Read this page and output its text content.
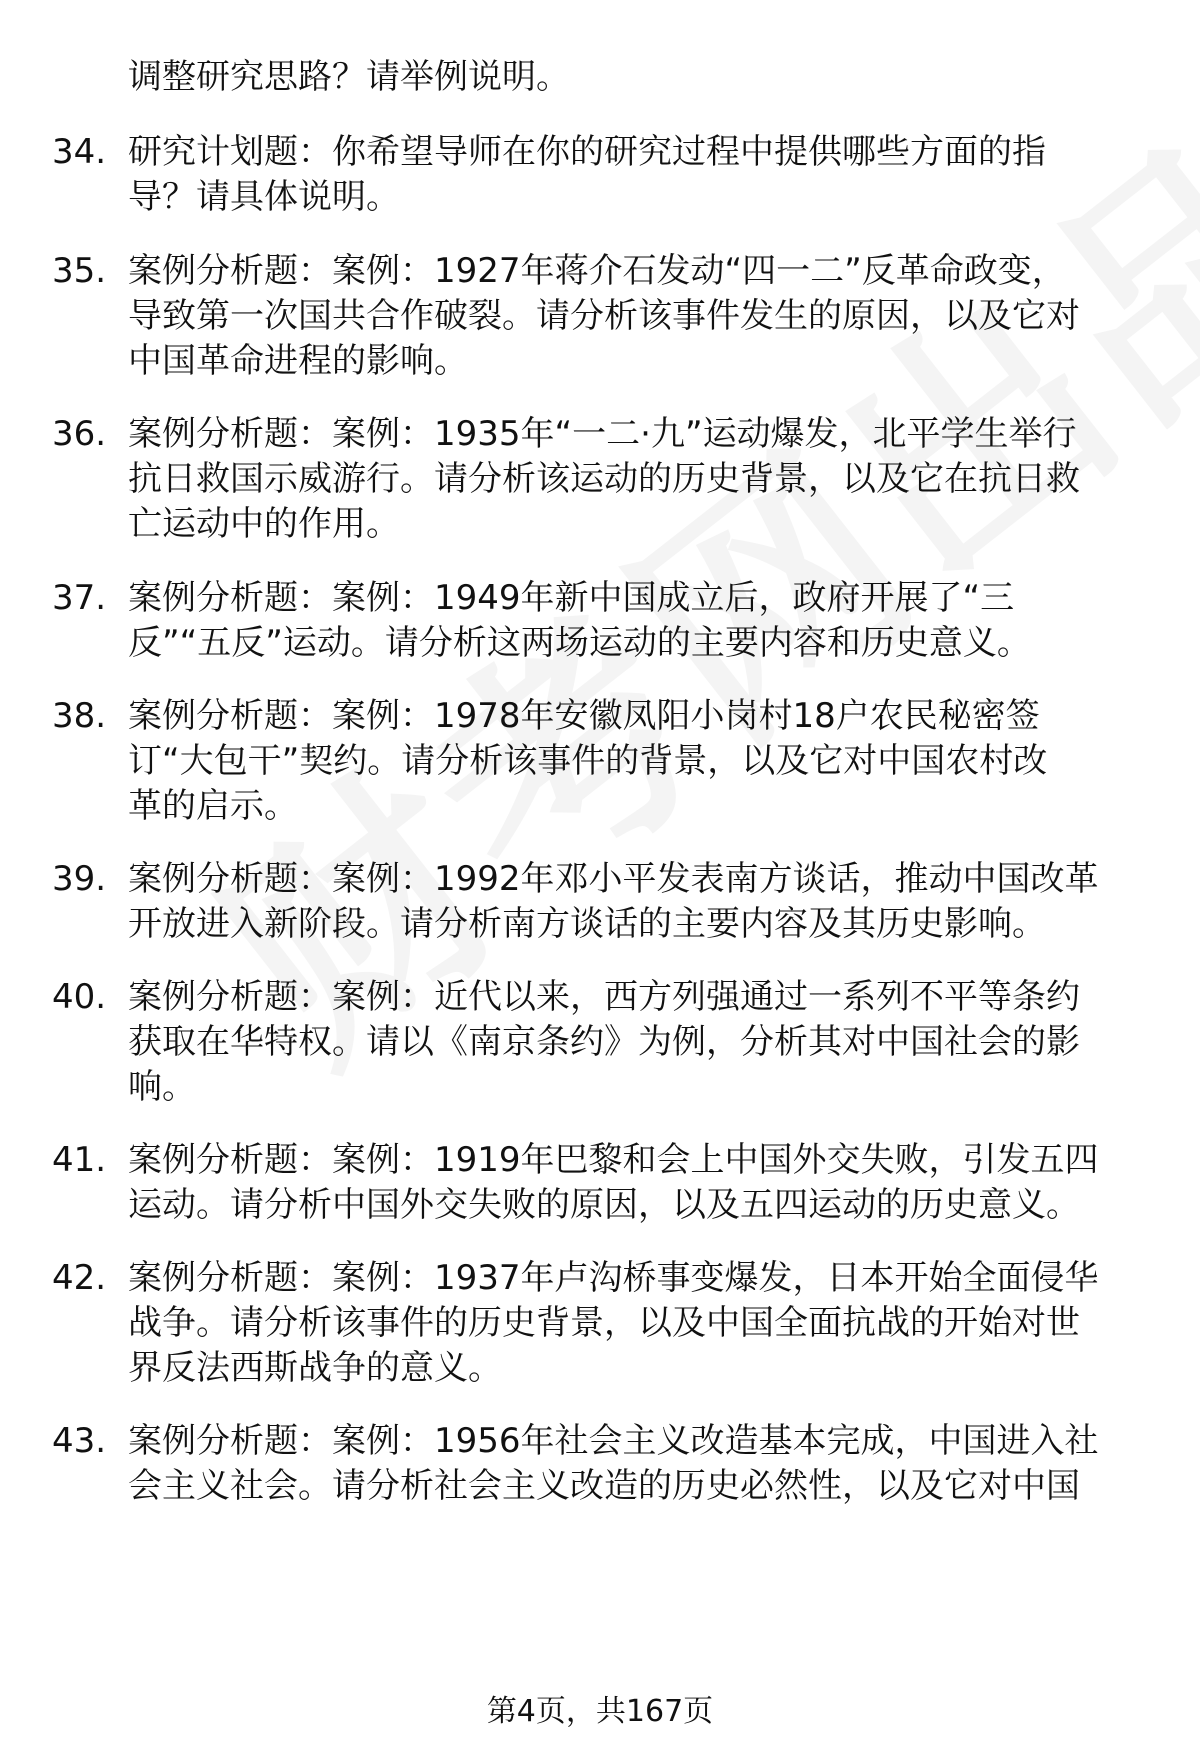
调整研究思路？请举例说明。
34. 研究计划题：你希望导师在你的研究过程中提供哪些方面的指
导？请具体说明。
35. 案例分析题：案例：1927年蒋介石发动“四一二”反革命政变，
导致第一次国共合作破裂。请分析该事件发生的原因，以及它对
中国革命进程的影响。
36. 案例分析题：案例：1935年“一二·九”运动爆发，北平学生举行
抗日救国示威游行。请分析该运动的历史背景，以及它在抗日救
亡运动中的作用。
37. 案例分析题：案例：1949年新中国成立后，政府开展了“三
反”“五反”运动。请分析这两场运动的主要内容和历史意义。
38. 案例分析题：案例：1978年安徽凤阳小岗村18户农民秘密签
订“大包干”契约。请分析该事件的背景，以及它对中国农村改
革的启示。
39. 案例分析题：案例：1992年邓小平发表南方谈话，推动中国改革
开放进入新阶段。请分析南方谈话的主要内容及其历史影响。
40. 案例分析题：案例：近代以来，西方列强通过一系列不平等条约
获取在华特权。请以《南京条约》为例，分析其对中国社会的影
响。
41. 案例分析题：案例：1919年巴黎和会上中国外交失败，引发五四
运动。请分析中国外交失败的原因，以及五四运动的历史意义。
42. 案例分析题：案例：1937年卢沟桥事变爆发，日本开始全面侵华
战争。请分析该事件的历史背景，以及中国全面抗战的开始对世
界反法西斯战争的意义。
43. 案例分析题：案例：1956年社会主义改造基本完成，中国进入社
会主义社会。请分析社会主义改造的历史必然性，以及它对中国
第4页，共167页
